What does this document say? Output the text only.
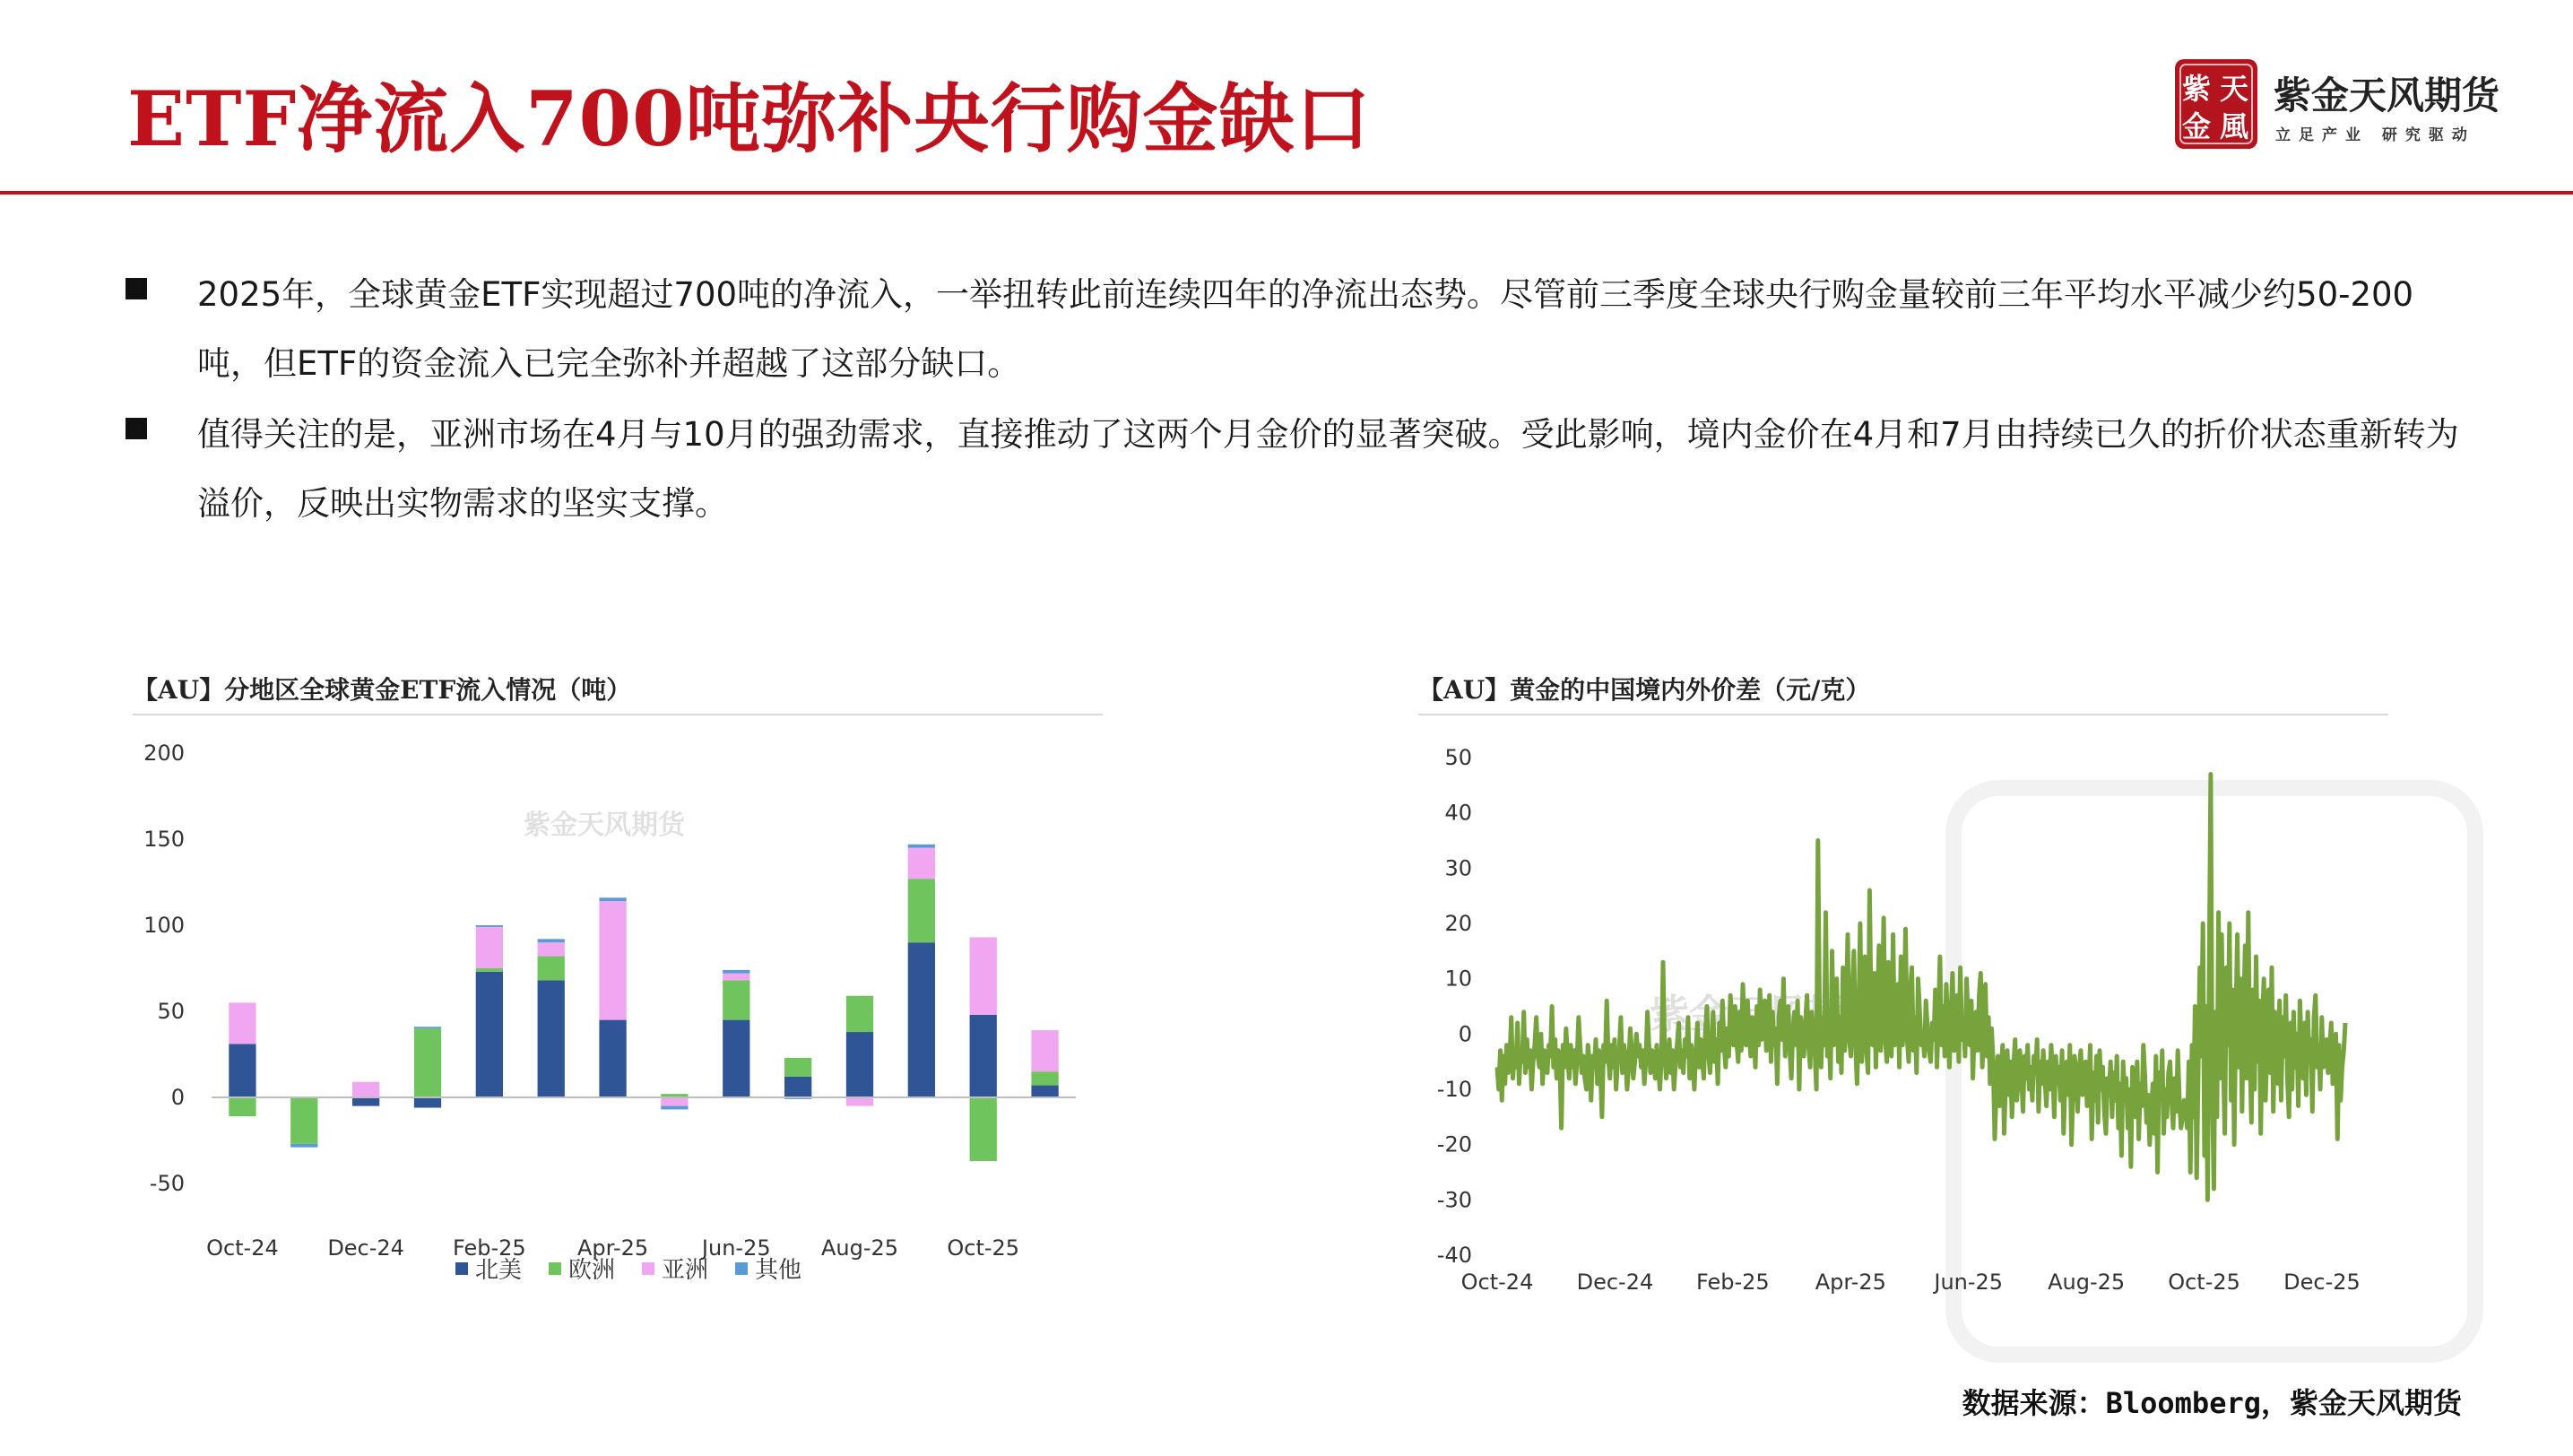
ETF净流入700吨弥补央行购金缺口	紫 天
金 風
紫金天风期货
立足产业 研究驱动
2025年，全球黄金ETF实现超过700吨的净流入，一举扭转此前连续四年的净流出态势。尽管前三季度全球央行购金量较前三年平均水平减少约50-200吨，但ETF的资金流入已完全弥补并超越了这部分缺口。
值得关注的是，亚洲市场在4月与10月的强劲需求，直接推动了这两个月金价的显著突破。受此影响，境内金价在4月和7月由持续已久的折价状态重新转为溢价，反映出实物需求的坚实支撑。
【AU】分地区全球黄金ETF流入情况（吨）
紫金天风期货
-50
0
50
100
150
200
Oct-24 Dec-24 Feb-25 Apr-25 Jun-25 Aug-25 Oct-25
北美 欧洲 亚洲 其他
【AU】黄金的中国境内外价差（元/克）
紫金天风期货
-40
-30
-20
-10
0
10
20
30
40
50
Oct-24 Dec-24 Feb-25 Apr-25 Jun-25 Aug-25 Oct-25 Dec-25
数据来源：Bloomberg，紫金天风期货
